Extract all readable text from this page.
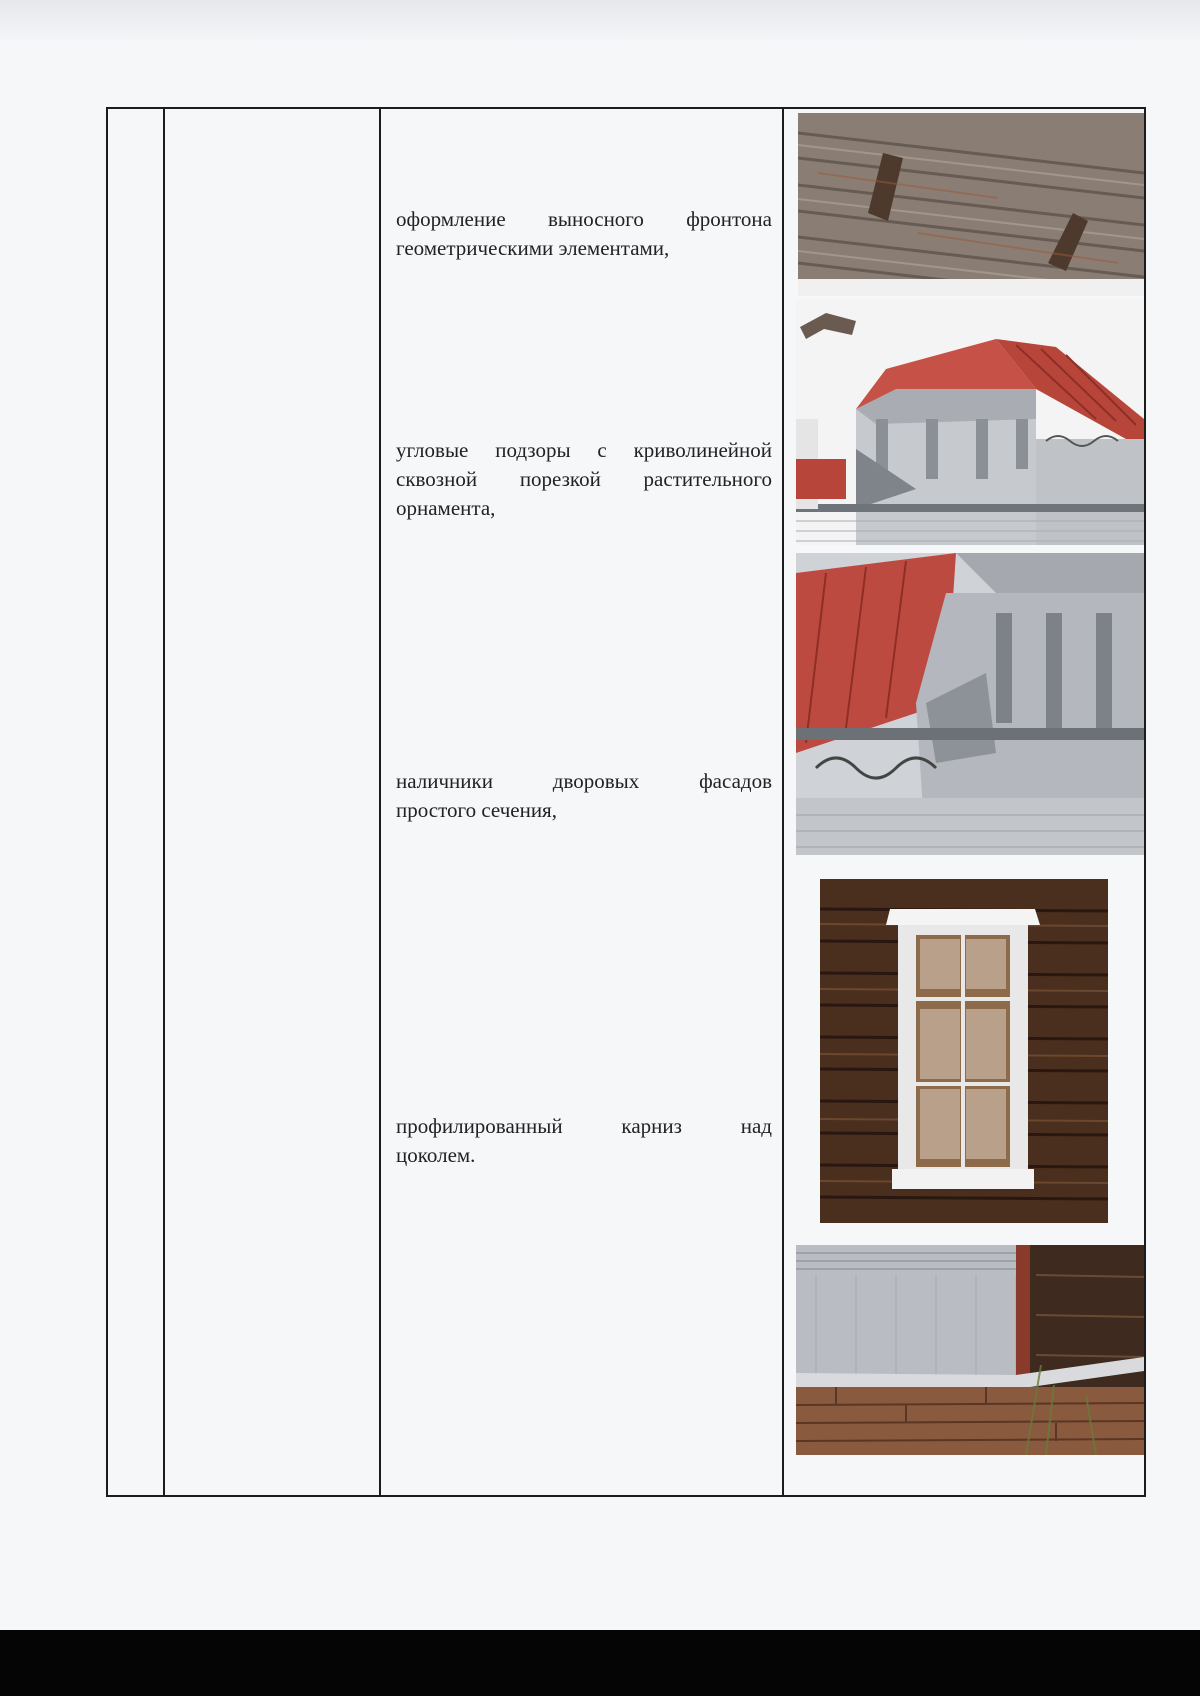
оформление выносного фронтона геометрическими элементами,
угловые подзоры с криволинейной сквозной порезкой растительного орнамента,
наличники дворовых фасадов
простого сечения,
профилированный карниз над
цоколем.
